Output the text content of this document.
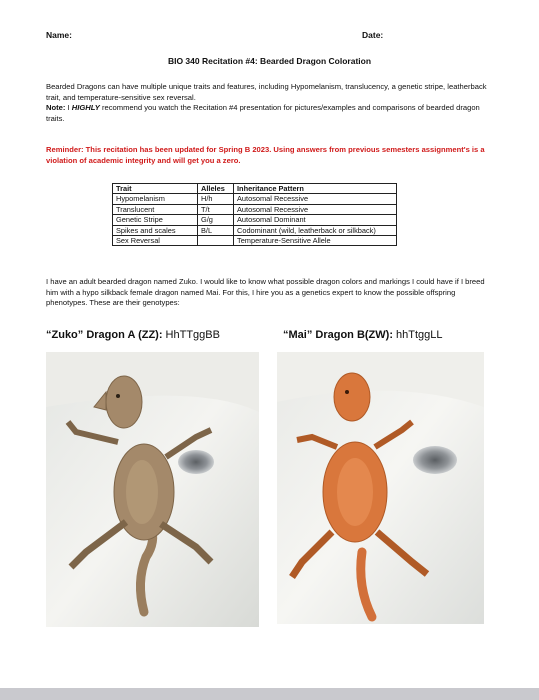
Name:	Date:
BIO 340 Recitation #4: Bearded Dragon Coloration
Bearded Dragons can have multiple unique traits and features, including Hypomelanism, translucency, a genetic stripe, leatherback trait, and temperature-sensitive sex reversal.
Note: I HIGHLY recommend you watch the Recitation #4 presentation for pictures/examples and comparisons of bearded dragon traits.
Reminder: This recitation has been updated for Spring B 2023. Using answers from previous semesters assignment's is a violation of academic integrity and will get you a zero.
Trait	Alleles	Inheritance Pattern
Hypomelanism	H/h	Autosomal Recessive
Translucent	T/t	Autosomal Recessive
Genetic Stripe	G/g	Autosomal Dominant
Spikes and scales	B/L	Codominant (wild, leatherback or silkback)
Sex Reversal		Temperature-Sensitive Allele
I have an adult bearded dragon named Zuko. I would like to know what possible dragon colors and markings I could have if I breed him with a hypo silkback female dragon named Mai. For this, I hire you as a genetics expert to know the possible offspring phenotypes. These are their genotypes:
“Zuko” Dragon A (ZZ): HhTTggBB	“Mai” Dragon B(ZW): hhTtggLL
